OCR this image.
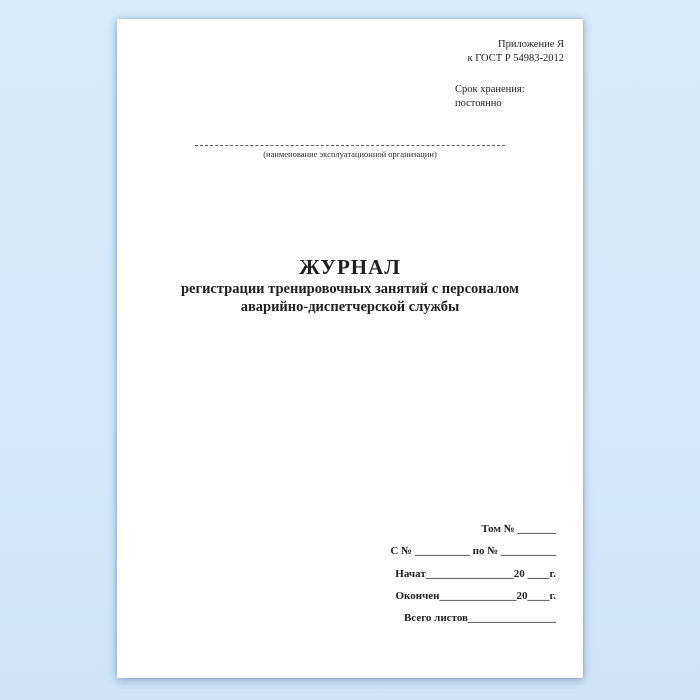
Приложение Я
к ГОСТ Р 54983-2012
Срок хранения:
постоянно
(наименование эксплуатационной организации)
ЖУРНАЛ
регистрации тренировочных занятий с персоналом
аварийно-диспетчерской службы
Том № _______
С № __________ по № __________
Начат________________20 ____г.
Окончен______________20____г.
Всего листов________________
